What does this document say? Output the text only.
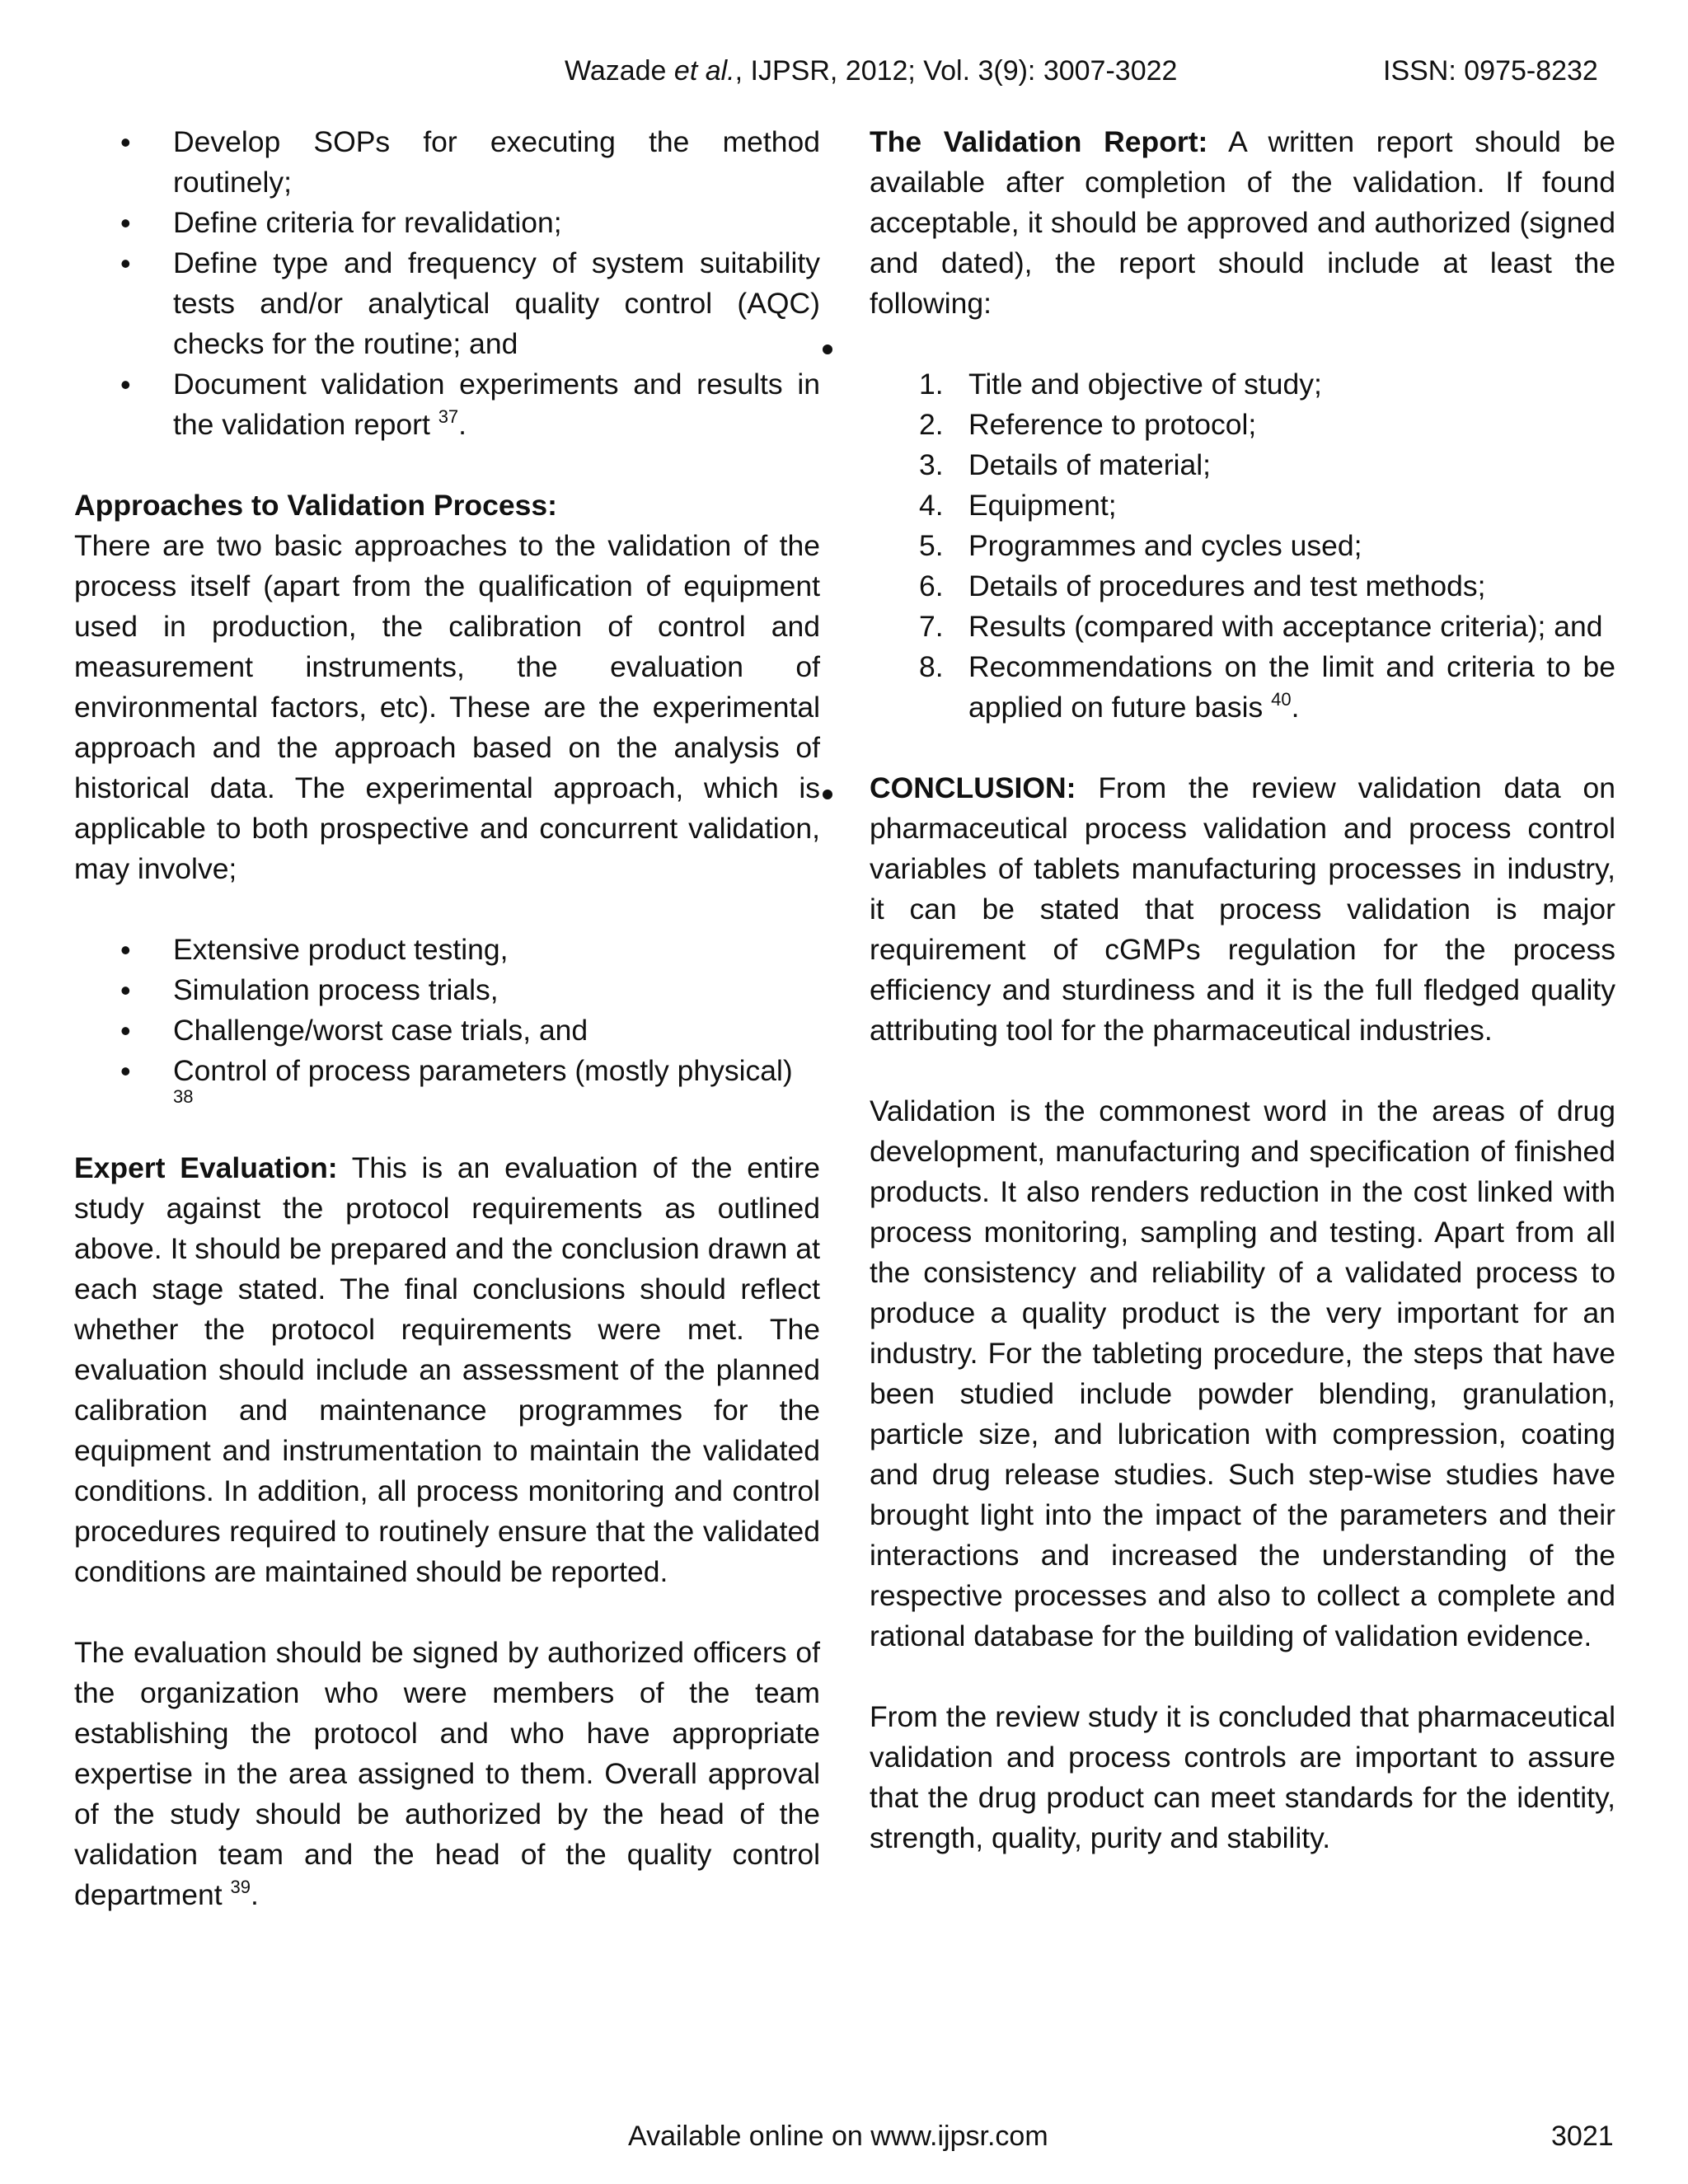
Wazade et al., IJPSR, 2012; Vol. 3(9): 3007-3022	ISSN: 0975-8232
• Develop SOPs for executing the method routinely;
• Define criteria for revalidation;
• Define type and frequency of system suitability tests and/or analytical quality control (AQC) checks for the routine; and
• Document validation experiments and results in the validation report $^{37}$.

Approaches to Validation Process:

There are two basic approaches to the validation of the process itself (apart from the qualification of equipment used in production, the calibration of control and measurement instruments, the evaluation of environmental factors, etc). These are the experimental approach and the approach based on the analysis of historical data. The experimental approach, which is applicable to both prospective and concurrent validation, may involve;

• Extensive product testing,
• Simulation process trials,
• Challenge/worst case trials, and
• Control of process parameters (mostly physical)
38

Expert Evaluation: This is an evaluation of the entire study against the protocol requirements as outlined above. It should be prepared and the conclusion drawn at each stage stated. The final conclusions should reflect whether the protocol requirements were met. The evaluation should include an assessment of the planned calibration and maintenance programmes for the equipment and instrumentation to maintain the validated conditions. In addition, all process monitoring and control procedures required to routinely ensure that the validated conditions are maintained should be reported.

The evaluation should be signed by authorized officers of the organization who were members of the team establishing the protocol and who have appropriate expertise in the area assigned to them. Overall approval of the study should be authorized by the head of the validation team and the head of the quality control department $^{39}$.

The Validation Report: A written report should be available after completion of the validation. If found acceptable, it should be approved and authorized (signed and dated), the report should include at least the following:

1. Title and objective of study;
2. Reference to protocol;
3. Details of material;
4. Equipment;
5. Programmes and cycles used;
6. Details of procedures and test methods;
7. Results (compared with acceptance criteria); and
8. Recommendations on the limit and criteria to be applied on future basis $^{40}$.

CONCLUSION: From the review validation data on pharmaceutical process validation and process control variables of tablets manufacturing processes in industry, it can be stated that process validation is major requirement of cGMPs regulation for the process efficiency and sturdiness and it is the full fledged quality attributing tool for the pharmaceutical industries.

Validation is the commonest word in the areas of drug development, manufacturing and specification of finished products. It also renders reduction in the cost linked with process monitoring, sampling and testing. Apart from all the consistency and reliability of a validated process to produce a quality product is the very important for an industry. For the tableting procedure, the steps that have been studied include powder blending, granulation, particle size, and lubrication with compression, coating and drug release studies. Such step-wise studies have brought light into the impact of the parameters and their interactions and increased the understanding of the respective processes and also to collect a complete and rational database for the building of validation evidence.

From the review study it is concluded that pharmaceutical validation and process controls are important to assure that the drug product can meet standards for the identity, strength, quality, purity and stability.

Available online on www.ijpsr.com	3021
